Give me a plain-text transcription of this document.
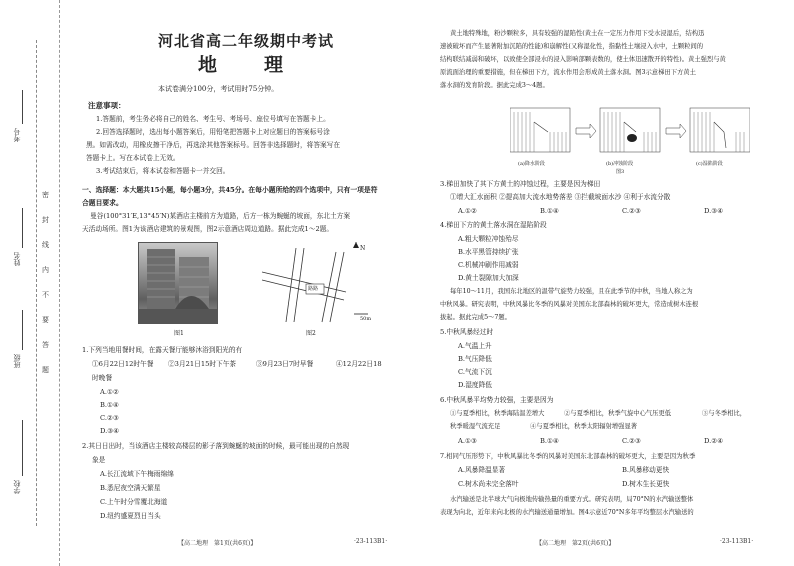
考号
姓名
班级
学校
密
封
线
内
不
要
答
题
河北省高二年级期中考试
地　理
本试卷满分100分，考试用时75分钟。
注意事项：
1.答题前，考生务必将自己的姓名、考生号、考场号、座位号填写在答题卡上。
2.回答选择题时，选出每小题答案后，用铅笔把答题卡上对应题目的答案标号涂
黑。如需改动，用橡皮擦干净后，再选涂其他答案标号。回答非选择题时，将答案写在
答题卡上。写在本试卷上无效。
3.考试结束后，将本试卷和答题卡一并交回。
一、选择题：本大题共15小题，每小题3分，共45分。在每小题所给的四个选项中，只有一项是符
合题目要求。
曼谷(100°31′E,13°45′N)某酒店主楼前方为道路，后方一栋为蜿蜒的坡面，东北土方案
天活动场所。图1为该酒店建筑的景观图，图2示意酒店周边道路。据此完成1～2题。
图1
N
路路
50m
图2
1.下列当地用餐时间，在露天餐厅能够沐浴到阳光的有
①6月22日12时午餐 ②3月21日15时下午茶	③9月23日7时早餐	④12月22日18
时晚餐
A.①②
B.①④
C.②③
D.③④
2.其日日出时，当该酒店主楼较高楼层的影子落到蜿蜒的坡面的时候，最可能出现的自然现
象是
A.长江流域下午梅雨绵绵
B.悉尼夜空满天繁星
C.上午时分雪覆北海道
D.纽约盛夏烈日当头
【高二地理　第1页(共6页)】	·23-113B1·
黄土地特殊地，粉沙颗粒多，具有较强的湿陷性(黄土在一定压力作用下受水浸湿后，结构迅
速被破坏而产生显著附加沉陷的性能)和崩解性(又称湿化性，指黏性土壤浸入水中，土颗粒间的
结构联结减弱和破坏，以致使全部浸水的浸入影响部颗表数的，使土体迅速散开的特性)。黄土强烈与黄
原流面治理的重要措施，但在梯田下方，流水作用会形成黄土落水洞。图3示意梯田下方黄土
落水洞的发育阶段。据此完成3～4题。
(a)降水阶段	(b)冲蚀阶段	(c)湿陷阶段
图3
3.梯田加快了其下方黄土的冲蚀过程，主要是因为梯田
①增大汇水面积 ②提高加大流水地势落差 ③拦截坡面水沙 ④利于水流分散
A.①②	B.①④	C.②③	D.③④
4.梯田下方的黄土落水洞在湿陷阶段
A.粗大颗粒冲蚀殆尽
B.水平黑管持续扩张
C.机械冲刷作用减弱
D.黄土裂隙加大加深
每年10～11月，我国东北地区的温带气旋势力较强，且在此季节的中秋，当地人称之为
中秋风暴。研究表明，中秋风暴比冬季的风暴对美国东北部森林的破坏更大，常造成树木连根
拔起。据此完成5～7题。
5.中秋风暴经过时
A.气温上升
B.气压降低
C.气流下沉
D.湿度降低
6.中秋风暴平均势力较强，主要是因为
①与夏季相比，秋季海陆温差增大	②与夏季相比，秋季气旋中心气压更低	③与冬季相比，
秋季暖湿气流充足	④与夏季相比，秋季太阳辐射增强显著
A.①③	B.①④	C.②③	D.②④
7.相同气压形势下，中秋风暴比冬季的风暴对美国东北部森林的破坏更大，主要是因为秋季
A.风暴降温显著	B.风暴移动更快
C.树木尚未完全落叶	D.树木生长更快
水汽输送是北半球大气向极地传输热量的重要方式。研究表明，局70°N的水汽输送整体
表现为向北，近年来向北极的水汽输送通量增加。图4示意近70°N多年平均整层水汽输送的
【高二地理　第2页(共6页)】	·23-113B1·
